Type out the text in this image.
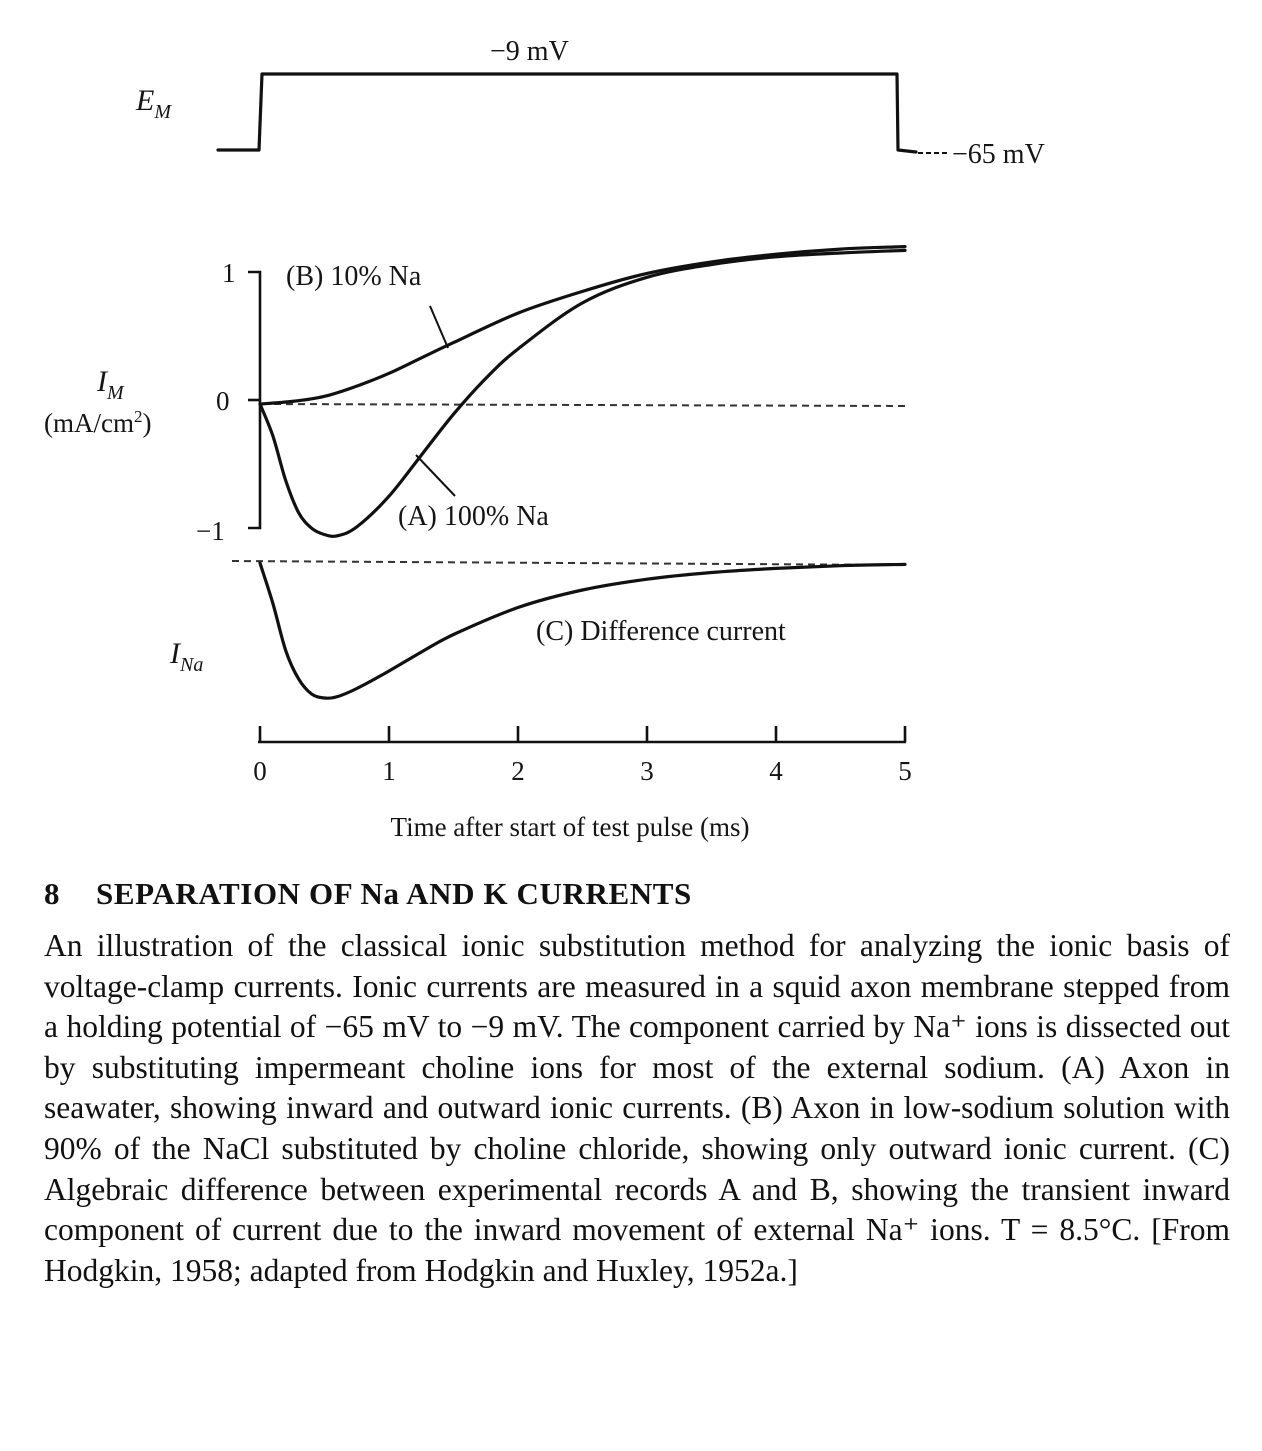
$E_M$
−9 mV
−65 mV
1
0
−1
$I_M$
$(mA/cm^2)$
(B) 10% Na
(A) 100% Na
(C) Difference current
$I_{Na}$
0	1	2	3	4	5
Time after start of test pulse (ms)
8 SEPARATION OF Na AND K CURRENTS

An illustration of the classical ionic substitution method for analyzing the ionic basis of voltage-clamp currents. Ionic currents are measured in a squid axon membrane stepped from a holding potential of −65 mV to −9 mV. The component carried by Na⁺ ions is dissected out by substituting impermeant choline ions for most of the external sodium. (A) Axon in seawater, showing inward and outward ionic currents. (B) Axon in low-sodium solution with 90% of the NaCl substituted by choline chloride, showing only outward ionic current. (C) Algebraic difference between experimental records A and B, showing the transient inward component of current due to the inward movement of external Na⁺ ions. T = 8.5°C. [From Hodgkin, 1958; adapted from Hodgkin and Huxley, 1952a.]
